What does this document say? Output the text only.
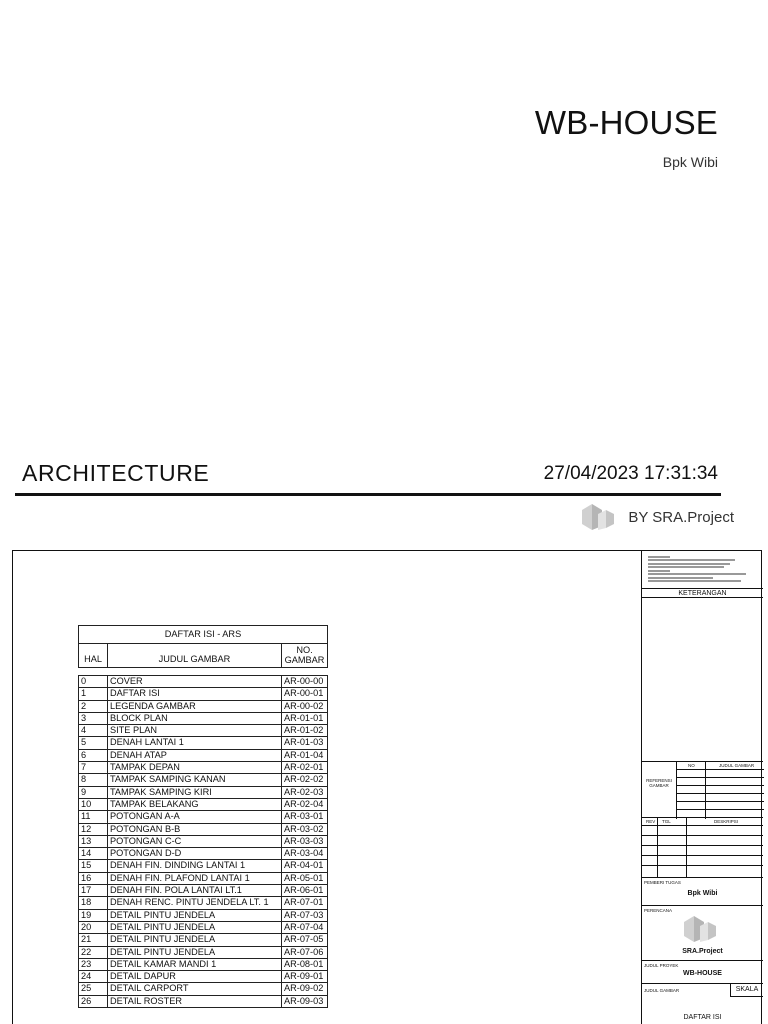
WB-HOUSE
Bpk Wibi
ARCHITECTURE	27/04/2023 17:31:34
BY SRA.Project
DAFTAR ISI - ARS		
HAL	JUDUL GAMBAR	NO.
GAMBAR

0	COVER	AR-00-00
1	DAFTAR ISI	AR-00-01
2	LEGENDA GAMBAR	AR-00-02
3	BLOCK PLAN	AR-01-01
4	SITE PLAN	AR-01-02
5	DENAH LANTAI 1	AR-01-03
6	DENAH ATAP	AR-01-04
7	TAMPAK DEPAN	AR-02-01
8	TAMPAK SAMPING KANAN	AR-02-02
9	TAMPAK SAMPING KIRI	AR-02-03
10	TAMPAK BELAKANG	AR-02-04
11	POTONGAN A-A	AR-03-01
12	POTONGAN B-B	AR-03-02
13	POTONGAN C-C	AR-03-03
14	POTONGAN D-D	AR-03-04
15	DENAH FIN. DINDING LANTAI 1	AR-04-01
16	DENAH FIN. PLAFOND LANTAI 1	AR-05-01
17	DENAH FIN. POLA LANTAI LT.1	AR-06-01
18	DENAH RENC. PINTU JENDELA LT. 1	AR-07-01
19	DETAIL PINTU JENDELA	AR-07-03
20	DETAIL PINTU JENDELA	AR-07-04
21	DETAIL PINTU JENDELA	AR-07-05
22	DETAIL PINTU JENDELA	AR-07-06
23	DETAIL KAMAR MANDI 1	AR-08-01
24	DETAIL DAPUR	AR-09-01
25	DETAIL CARPORT	AR-09-02
26	DETAIL ROSTER	AR-09-03
KETERANGAN
REFERENSI GAMBAR
NO	JUDUL GAMBAR
REV TGL	DESKRIPSI
PEMBERI TUGAS
Bpk Wibi
PERENCANA
SRA.Project
JUDUL PROYEK
WB-HOUSE
JUDUL GAMBAR	SKALA
DAFTAR ISI
